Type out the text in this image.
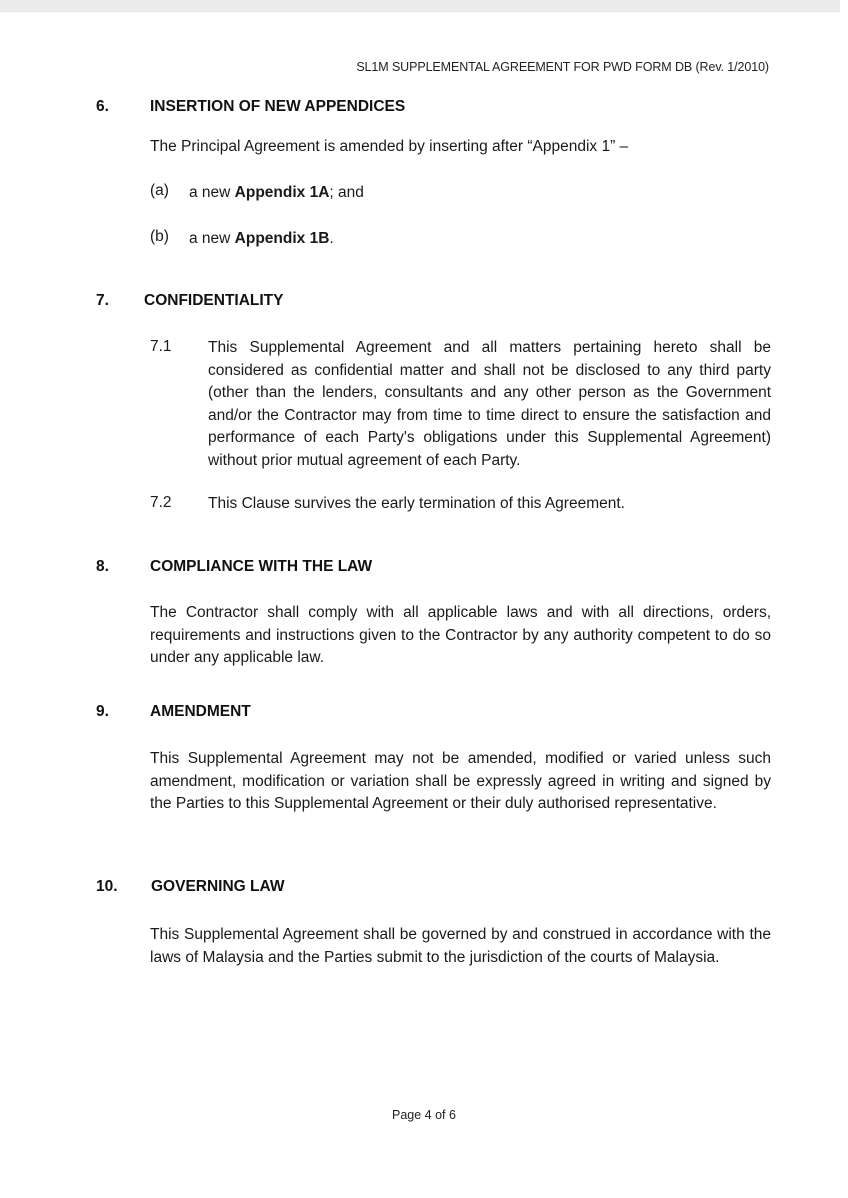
SL1M SUPPLEMENTAL AGREEMENT FOR PWD FORM DB (Rev. 1/2010)
6.	INSERTION OF NEW APPENDICES
The Principal Agreement is amended by inserting after “Appendix 1” –
(a) a new Appendix 1A; and
(b) a new Appendix 1B.
7. CONFIDENTIALITY
7.1 This Supplemental Agreement and all matters pertaining hereto shall be considered as confidential matter and shall not be disclosed to any third party (other than the lenders, consultants and any other person as the Government and/or the Contractor may from time to time direct to ensure the satisfaction and performance of each Party's obligations under this Supplemental Agreement) without prior mutual agreement of each Party.
7.2 This Clause survives the early termination of this Agreement.
8.	COMPLIANCE WITH THE LAW
The Contractor shall comply with all applicable laws and with all directions, orders, requirements and instructions given to the Contractor by any authority competent to do so under any applicable law.
9.	AMENDMENT
This Supplemental Agreement may not be amended, modified or varied unless such amendment, modification or variation shall be expressly agreed in writing and signed by the Parties to this Supplemental Agreement or their duly authorised representative.
10. GOVERNING LAW
This Supplemental Agreement shall be governed by and construed in accordance with the laws of Malaysia and the Parties submit to the jurisdiction of the courts of Malaysia.
Page 4 of 6
